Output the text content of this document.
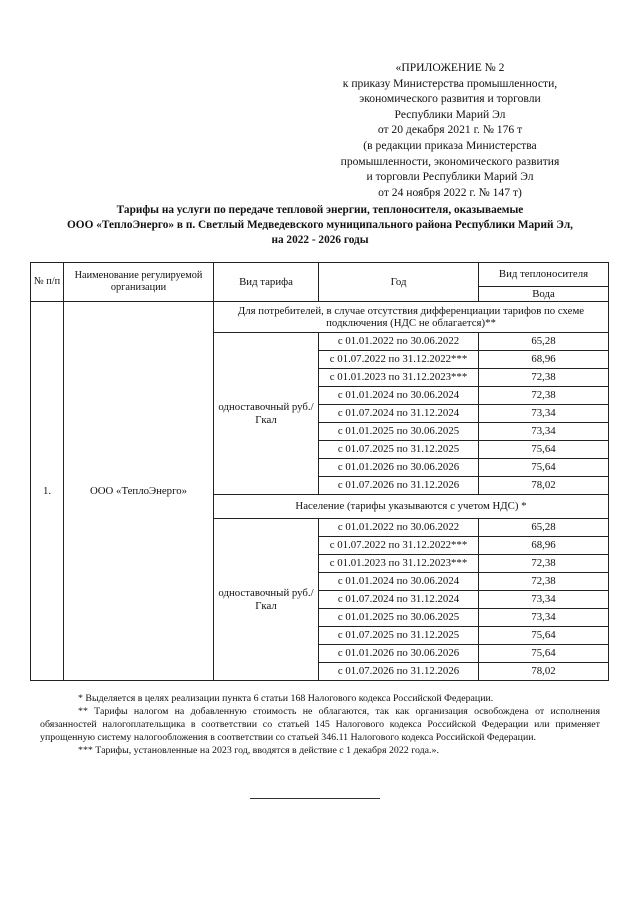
«ПРИЛОЖЕНИЕ № 2
к приказу Министерства промышленности,
экономического развития и торговли
Республики Марий Эл
от 20 декабря 2021 г. № 176 т
(в редакции приказа Министерства
промышленности, экономического развития
и торговли Республики Марий Эл
от 24 ноября 2022 г. № 147 т)
Тарифы на услуги по передаче тепловой энергии, теплоносителя, оказываемые
ООО «ТеплоЭнерго» в п. Светлый Медведевского муниципального района Республики Марий Эл,
на 2022 - 2026 годы
№ п/п	Наименование регулируемой организации	Вид тарифа	Год	Вид теплоносителя
				Вода
1.	ООО «ТеплоЭнерго»	Для потребителей, в случае отсутствия дифференциации тарифов по схеме подключения (НДС не облагается)**		
		одноставочный руб./Гкал	с 01.01.2022 по 30.06.2022	65,28
			с 01.07.2022 по 31.12.2022***	68,96
			с 01.01.2023 по 31.12.2023***	72,38
			с 01.01.2024 по 30.06.2024	72,38
			с 01.07.2024 по 31.12.2024	73,34
			с 01.01.2025 по 30.06.2025	73,34
			с 01.07.2025 по 31.12.2025	75,64
			с 01.01.2026 по 30.06.2026	75,64
			с 01.07.2026 по 31.12.2026	78,02
		Население (тарифы указываются с учетом НДС) *		
		одноставочный руб./Гкал	с 01.01.2022 по 30.06.2022	65,28
			с 01.07.2022 по 31.12.2022***	68,96
			с 01.01.2023 по 31.12.2023***	72,38
			с 01.01.2024 по 30.06.2024	72,38
			с 01.07.2024 по 31.12.2024	73,34
			с 01.01.2025 по 30.06.2025	73,34
			с 01.07.2025 по 31.12.2025	75,64
			с 01.01.2026 по 30.06.2026	75,64
			с 01.07.2026 по 31.12.2026	78,02

* Выделяется в целях реализации пункта 6 статьи 168 Налогового кодекса Российской Федерации.

** Тарифы налогом на добавленную стоимость не облагаются, так как организация освобождена от исполнения обязанностей налогоплательщика в соответствии со статьей 145 Налогового кодекса Российской Федерации или применяет упрощенную систему налогообложения в соответствии со статьей 346.11 Налогового кодекса Российской Федерации.

*** Тарифы, установленные на 2023 год, вводятся в действие с 1 декабря 2022 года.».
